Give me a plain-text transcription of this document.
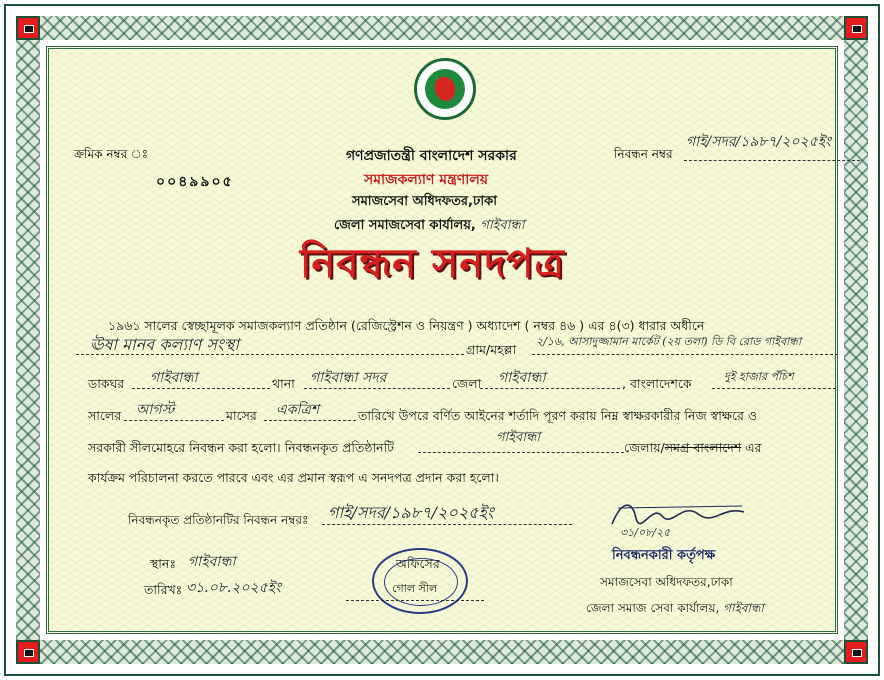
ক্রমিক নম্বর ঃ
০০৪৯৯০৫
গণপ্রজাতন্ত্রী বাংলাদেশ সরকার
সমাজকল্যাণ মন্ত্রণালয়
সমাজসেবা অধিদফতর,ঢাকা
জেলা সমাজসেবা কার্যালয়, গাইবান্ধা
নিবন্ধন নম্বর
গাই/সদর/১৯৮৭/২০২৫ইং
নিবন্ধন সনদপত্র
১৯৬১ সালের স্বেচ্ছামূলক সমাজকল্যাণ প্রতিষ্ঠান (রেজিস্ট্রেশন ও নিয়ন্ত্রণ ) অধ্যাদেশ ( নম্বর ৪৬ ) এর ৪(৩) ধারার অধীনে
ঊষা মানব কল্যাণ সংস্থা	গ্রাম/মহল্লা
২/১৬, আসাদুজ্জামান মার্কেট (২য় তলা) ডি বি রোড গাইবান্ধা
ডাকঘর গাইবান্ধা	থানা গাইবান্ধা সদর	জেলা গাইবান্ধা	, বাংলাদেশকে	দুই হাজার পঁচিশ
সালের আগস্ট	মাসের একত্রিশ	তারিখে উপরে বর্ণিত আইনের শর্তাদি পূরণ করায় নিম্ন স্বাক্ষরকারীর নিজ স্বাক্ষরে ও
সরকারী সীলমোহরে নিবন্ধন করা হলো। নিবন্ধনকৃত প্রতিষ্ঠানটি
গাইবান্ধা
জেলায়/সমগ্র বাংলাদেশ এর
কার্যক্রম পরিচালনা করতে পারবে এবং এর প্রমান স্বরূপ এ সনদপত্র প্রদান করা হলো।
নিবন্ধনকৃত প্রতিষ্ঠানটির নিবন্ধন নম্বরঃ গাই/সদর/১৯৮৭/২০২৫ইং
৩১/০৮/২৫
নিবন্ধনকারী কর্তৃপক্ষ
সমাজসেবা অধিদফতর,ঢাকা
জেলা সমাজ সেবা কার্যালয়, গাইবান্ধা
স্থানঃ গাইবান্ধা
তারিখঃ ৩১.০৮.২০২৫ইং
অফিসের
গোল সীল
